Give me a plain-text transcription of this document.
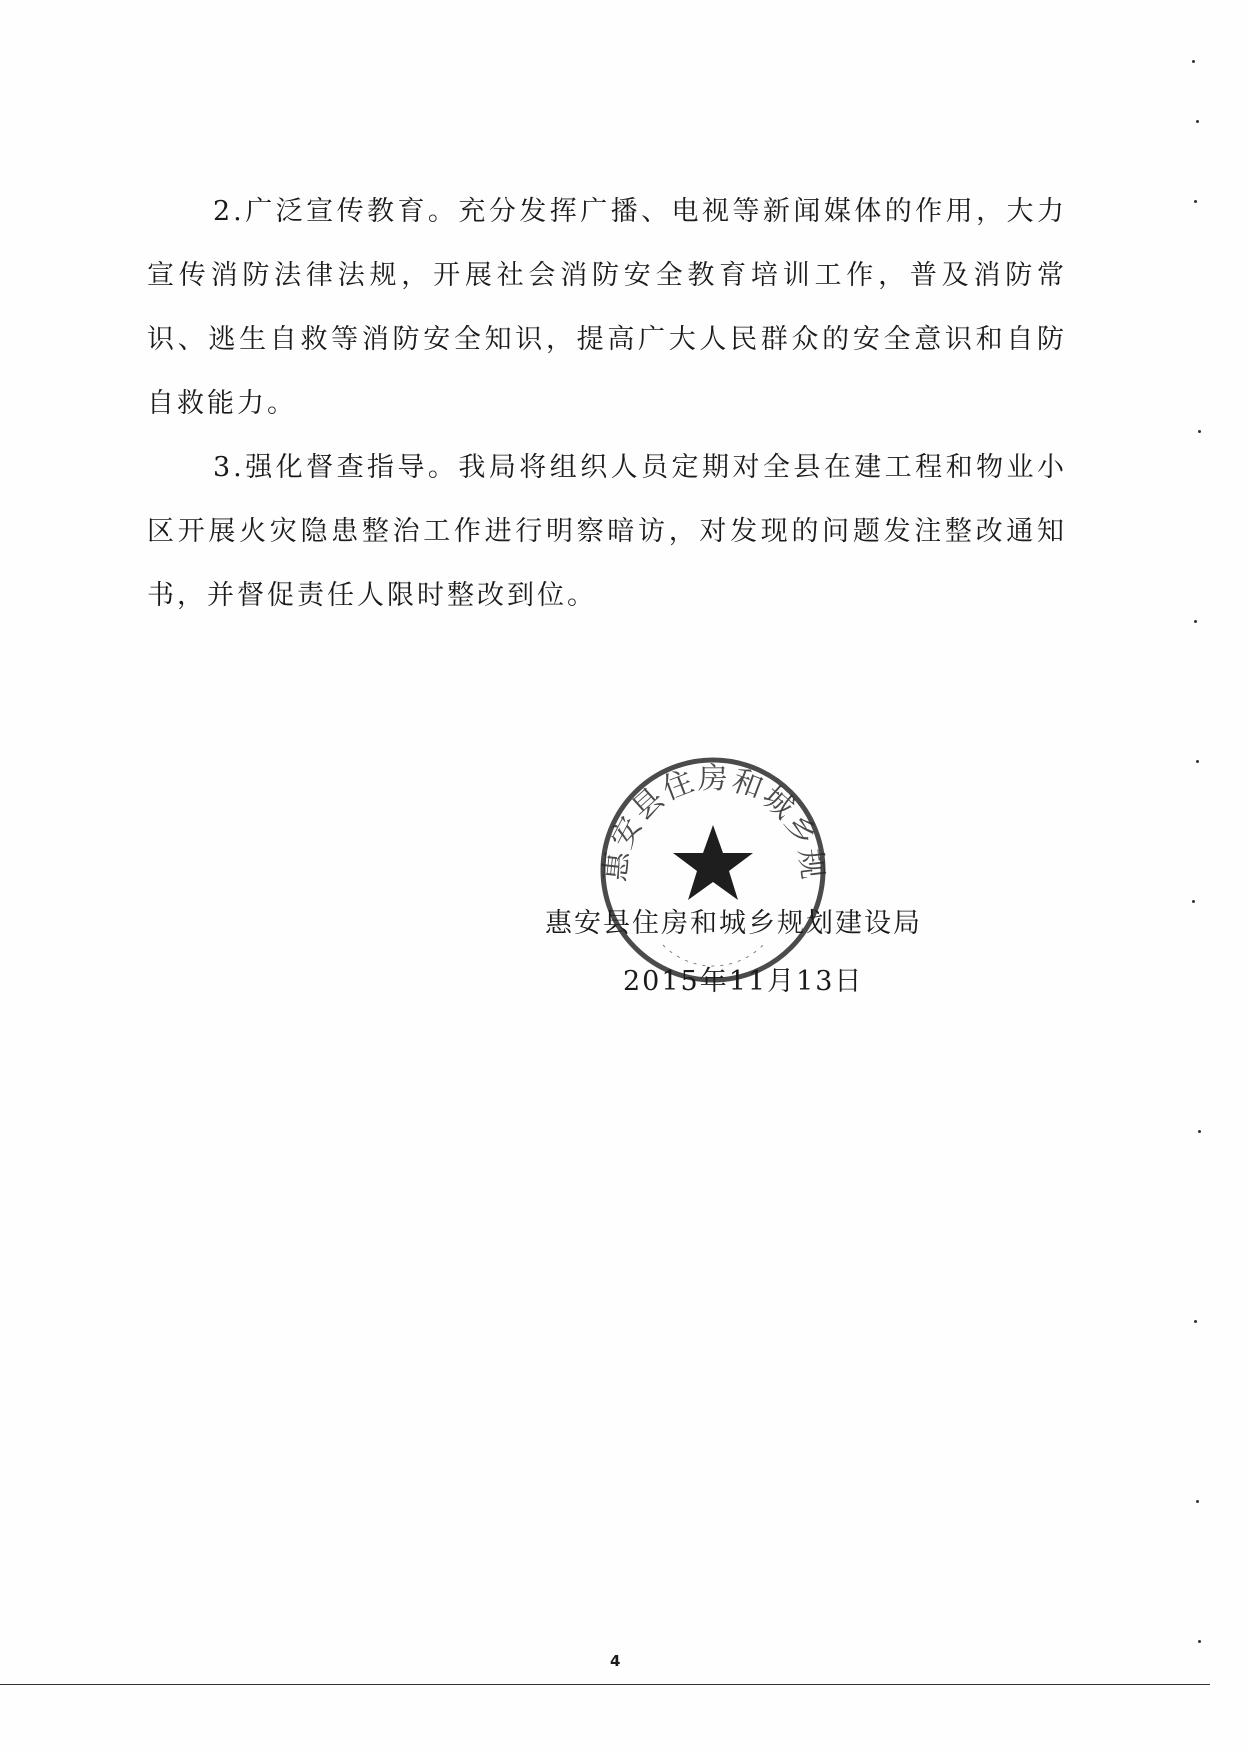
2.广泛宣传教育。充分发挥广播、电视等新闻媒体的作用，大力宣传消防法律法规，开展社会消防安全教育培训工作，普及消防常识、逃生自救等消防安全知识，提高广大人民群众的安全意识和自防自救能力。

3.强化督查指导。我局将组织人员定期对全县在建工程和物业小区开展火灾隐患整治工作进行明察暗访，对发现的问题发注整改通知书，并督促责任人限时整改到位。

惠安县住房和城乡规
惠安县住房和城乡规划建设局
2015年11月13日
4
